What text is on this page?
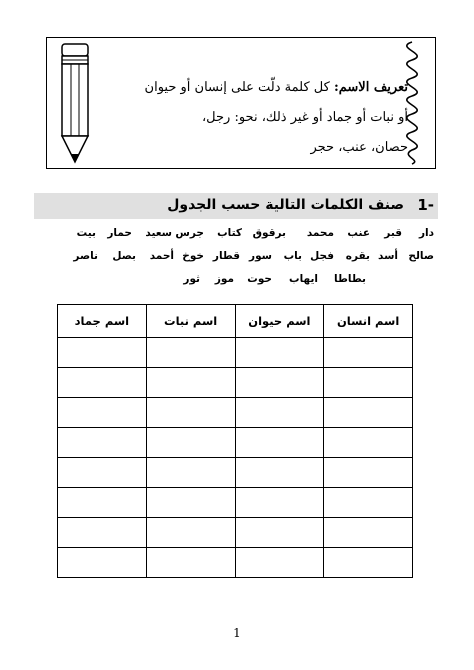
تعريف الاسم: كل كلمة دلّت على إنسان أو حيوان
أو نبات أو جماد أو غير ذلك، نحو: رجل،
حصان، عنب، حجر
1-
صنف الكلمات التالية حسب الجدول
دار
قبر
عنب
محمد
برقوق
كتاب
جرس
سعيد
حمار
بيت
صالح
أسد
بقره
فجل
باب
سور
قطار
خوخ
أحمد
بصل
ناصر
بطاطا
ايهاب
حوت
موز
ثور
اسم انسان	اسم حيوان	اسم نبات	اسم جماد

1
